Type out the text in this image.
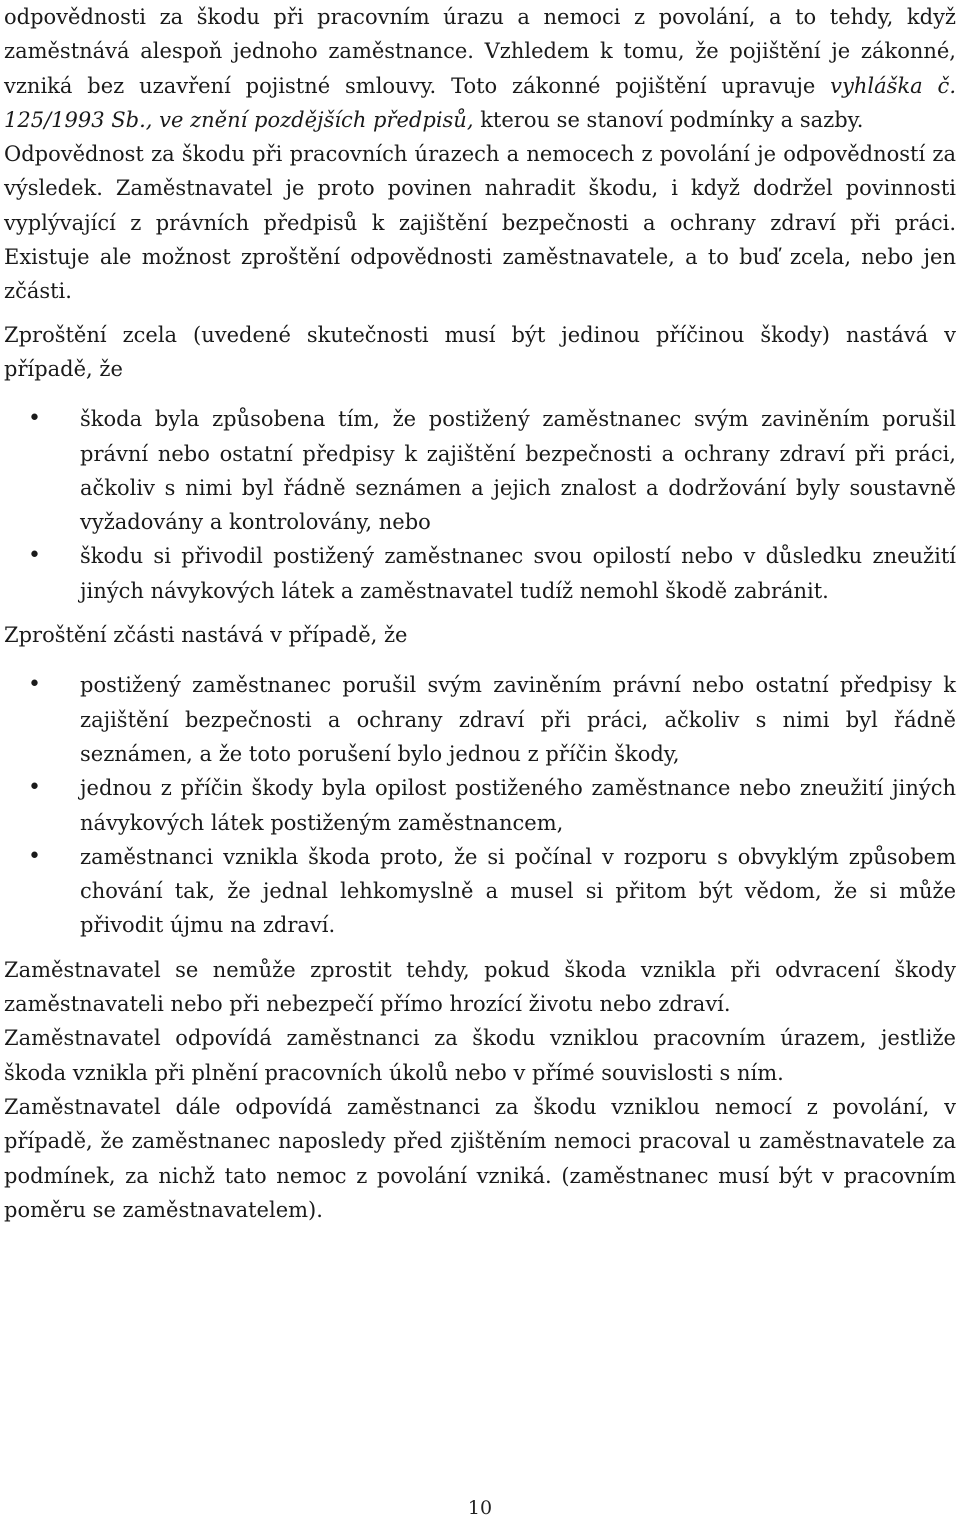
odpovědnosti za škodu při pracovním úrazu a nemoci z povolání, a to tehdy, když zaměstnává alespoň jednoho zaměstnance. Vzhledem k tomu, že pojištění je zákonné, vzniká bez uzavření pojistné smlouvy. Toto zákonné pojištění upravuje vyhláška č. 125/1993 Sb., ve znění pozdějších předpisů, kterou se stanoví podmínky a sazby.

Odpovědnost za škodu při pracovních úrazech a nemocech z povolání je odpovědností za výsledek. Zaměstnavatel je proto povinen nahradit škodu, i když dodržel povinnosti vyplývající z právních předpisů k zajištění bezpečnosti a ochrany zdraví při práci. Existuje ale možnost zproštění odpovědnosti zaměstnavatele, a to buď zcela, nebo jen zčásti.

Zproštění zcela (uvedené skutečnosti musí být jedinou příčinou škody) nastává v případě, že

• škoda byla způsobena tím, že postižený zaměstnanec svým zaviněním porušil právní nebo ostatní předpisy k zajištění bezpečnosti a ochrany zdraví při práci, ačkoliv s nimi byl řádně seznámen a jejich znalost a dodržování byly soustavně vyžadovány a kontrolovány, nebo
• škodu si přivodil postižený zaměstnanec svou opilostí nebo v důsledku zneužití jiných návykových látek a zaměstnavatel tudíž nemohl škodě zabránit.

Zproštění zčásti nastává v případě, že

• postižený zaměstnanec porušil svým zaviněním právní nebo ostatní předpisy k zajištění bezpečnosti a ochrany zdraví při práci, ačkoliv s nimi byl řádně seznámen, a že toto porušení bylo jednou z příčin škody,
• jednou z příčin škody byla opilost postiženého zaměstnance nebo zneužití jiných návykových látek postiženým zaměstnancem,
• zaměstnanci vznikla škoda proto, že si počínal v rozporu s obvyklým způsobem chování tak, že jednal lehkomyslně a musel si přitom být vědom, že si může přivodit újmu na zdraví.

Zaměstnavatel se nemůže zprostit tehdy, pokud škoda vznikla při odvracení škody zaměstnavateli nebo při nebezpečí přímo hrozící životu nebo zdraví.

Zaměstnavatel odpovídá zaměstnanci za škodu vzniklou pracovním úrazem, jestliže škoda vznikla při plnění pracovních úkolů nebo v přímé souvislosti s ním.

Zaměstnavatel dále odpovídá zaměstnanci za škodu vzniklou nemocí z povolání, v případě, že zaměstnanec naposledy před zjištěním nemoci pracoval u zaměstnavatele za podmínek, za nichž tato nemoc z povolání vzniká. (zaměstnanec musí být v pracovním poměru se zaměstnavatelem).

10
